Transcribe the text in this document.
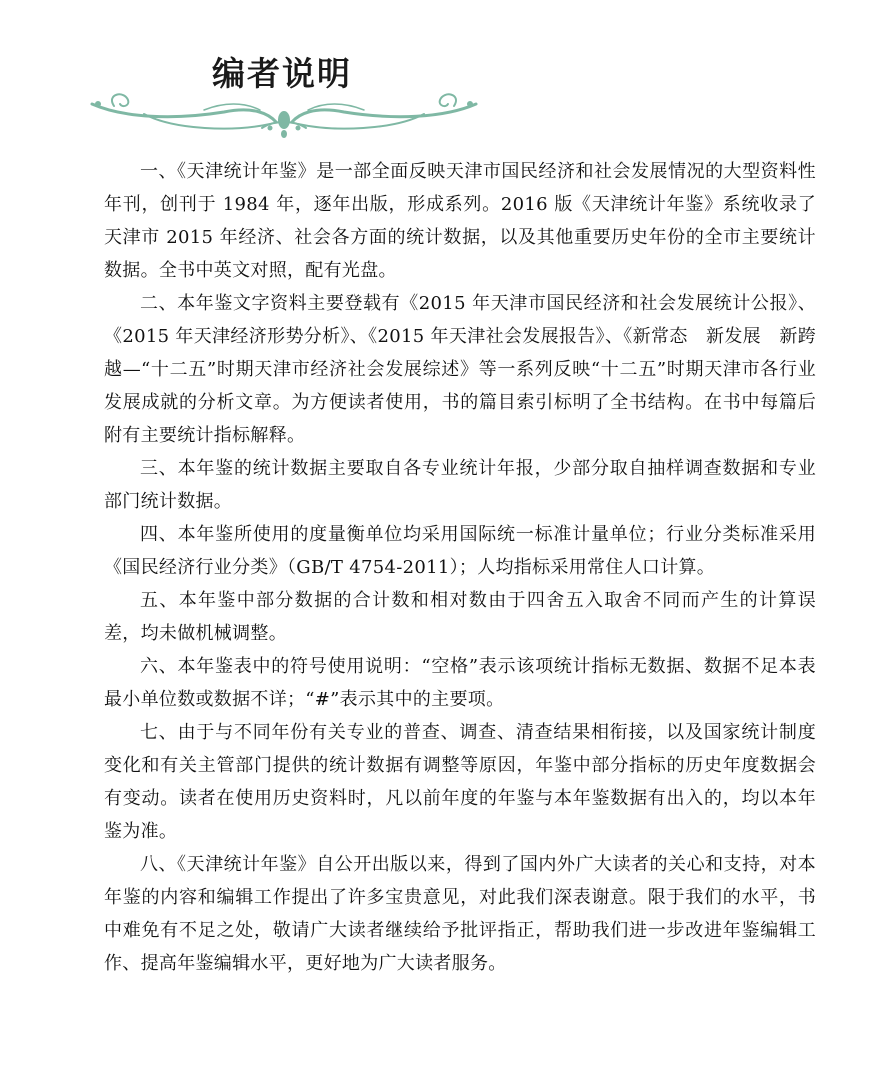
编者说明

一、《天津统计年鉴》是一部全面反映天津市国民经济和社会发展情况的大型资料性年刊，创刊于 1984 年，逐年出版，形成系列。2016 版《天津统计年鉴》系统收录了天津市 2015 年经济、社会各方面的统计数据，以及其他重要历史年份的全市主要统计数据。全书中英文对照，配有光盘。

二、本年鉴文字资料主要登载有《2015 年天津市国民经济和社会发展统计公报》、《2015 年天津经济形势分析》、《2015 年天津社会发展报告》、《新常态　新发展　新跨越—“十二五”时期天津市经济社会发展综述》等一系列反映“十二五”时期天津市各行业发展成就的分析文章。为方便读者使用，书的篇目索引标明了全书结构。在书中每篇后附有主要统计指标解释。

三、本年鉴的统计数据主要取自各专业统计年报，少部分取自抽样调查数据和专业部门统计数据。

四、本年鉴所使用的度量衡单位均采用国际统一标准计量单位；行业分类标准采用《国民经济行业分类》（GB/T 4754-2011）；人均指标采用常住人口计算。

五、本年鉴中部分数据的合计数和相对数由于四舍五入取舍不同而产生的计算误差，均未做机械调整。

六、本年鉴表中的符号使用说明：“空格”表示该项统计指标无数据、数据不足本表最小单位数或数据不详；“#”表示其中的主要项。

七、由于与不同年份有关专业的普查、调查、清查结果相衔接，以及国家统计制度变化和有关主管部门提供的统计数据有调整等原因，年鉴中部分指标的历史年度数据会有变动。读者在使用历史资料时，凡以前年度的年鉴与本年鉴数据有出入的，均以本年鉴为准。

八、《天津统计年鉴》自公开出版以来，得到了国内外广大读者的关心和支持，对本年鉴的内容和编辑工作提出了许多宝贵意见，对此我们深表谢意。限于我们的水平，书中难免有不足之处，敬请广大读者继续给予批评指正，帮助我们进一步改进年鉴编辑工作、提高年鉴编辑水平，更好地为广大读者服务。
